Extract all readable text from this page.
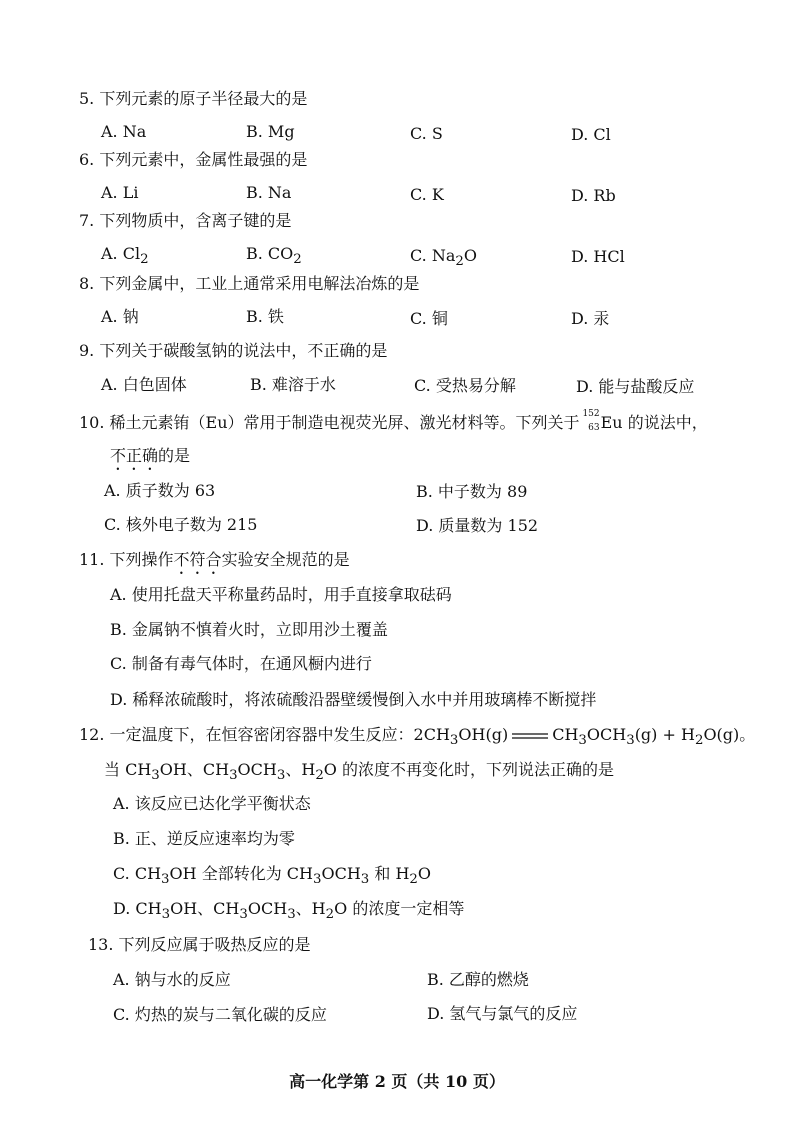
5. 下列元素的原子半径最大的是
A. Na	B. Mg	C. S	D. Cl
6. 下列元素中，金属性最强的是
A. Li	B. Na	C. K	D. Rb
7. 下列物质中，含离子键的是
A. $Cl_2$	B. $CO_2$	C. $Na_2O$	D. HCl
8. 下列金属中，工业上通常采用电解法冶炼的是
A. 钠	B. 铁	C. 铜	D. 汞
9. 下列关于碳酸氢钠的说法中，不正确的是
A. 白色固体	B. 难溶于水	C. 受热易分解	D. 能与盐酸反应
10. 稀土元素铕（Eu）常用于制造电视荧光屏、激光材料等。下列关于 152
63 Eu 的说法中，
不正确的是
A. 质子数为 63	B. 中子数为 89
C. 核外电子数为 215	D. 质量数为 152
11. 下列操作不符合实验安全规范的是
A. 使用托盘天平称量药品时，用手直接拿取砝码
B. 金属钠不慎着火时，立即用沙土覆盖
C. 制备有毒气体时，在通风橱内进行
D. 稀释浓硫酸时，将浓硫酸沿器壁缓慢倒入水中并用玻璃棒不断搅拌
12. 一定温度下，在恒容密闭容器中发生反应：$2CH_3OH(g)$	$CH_3OCH_3(g) + H_2O(g)$。
当 $CH_3OH$、$CH_3OCH_3$、$H_2O$ 的浓度不再变化时，下列说法正确的是
A. 该反应已达化学平衡状态
B. 正、逆反应速率均为零
C. $CH_3OH$ 全部转化为 $CH_3OCH_3$ 和 $H_2O$
D. $CH_3OH$、$CH_3OCH_3$、$H_2O$ 的浓度一定相等
13. 下列反应属于吸热反应的是
A. 钠与水的反应	B. 乙醇的燃烧
C. 灼热的炭与二氧化碳的反应	D. 氢气与氯气的反应
高一化学第 2 页（共 10 页）
